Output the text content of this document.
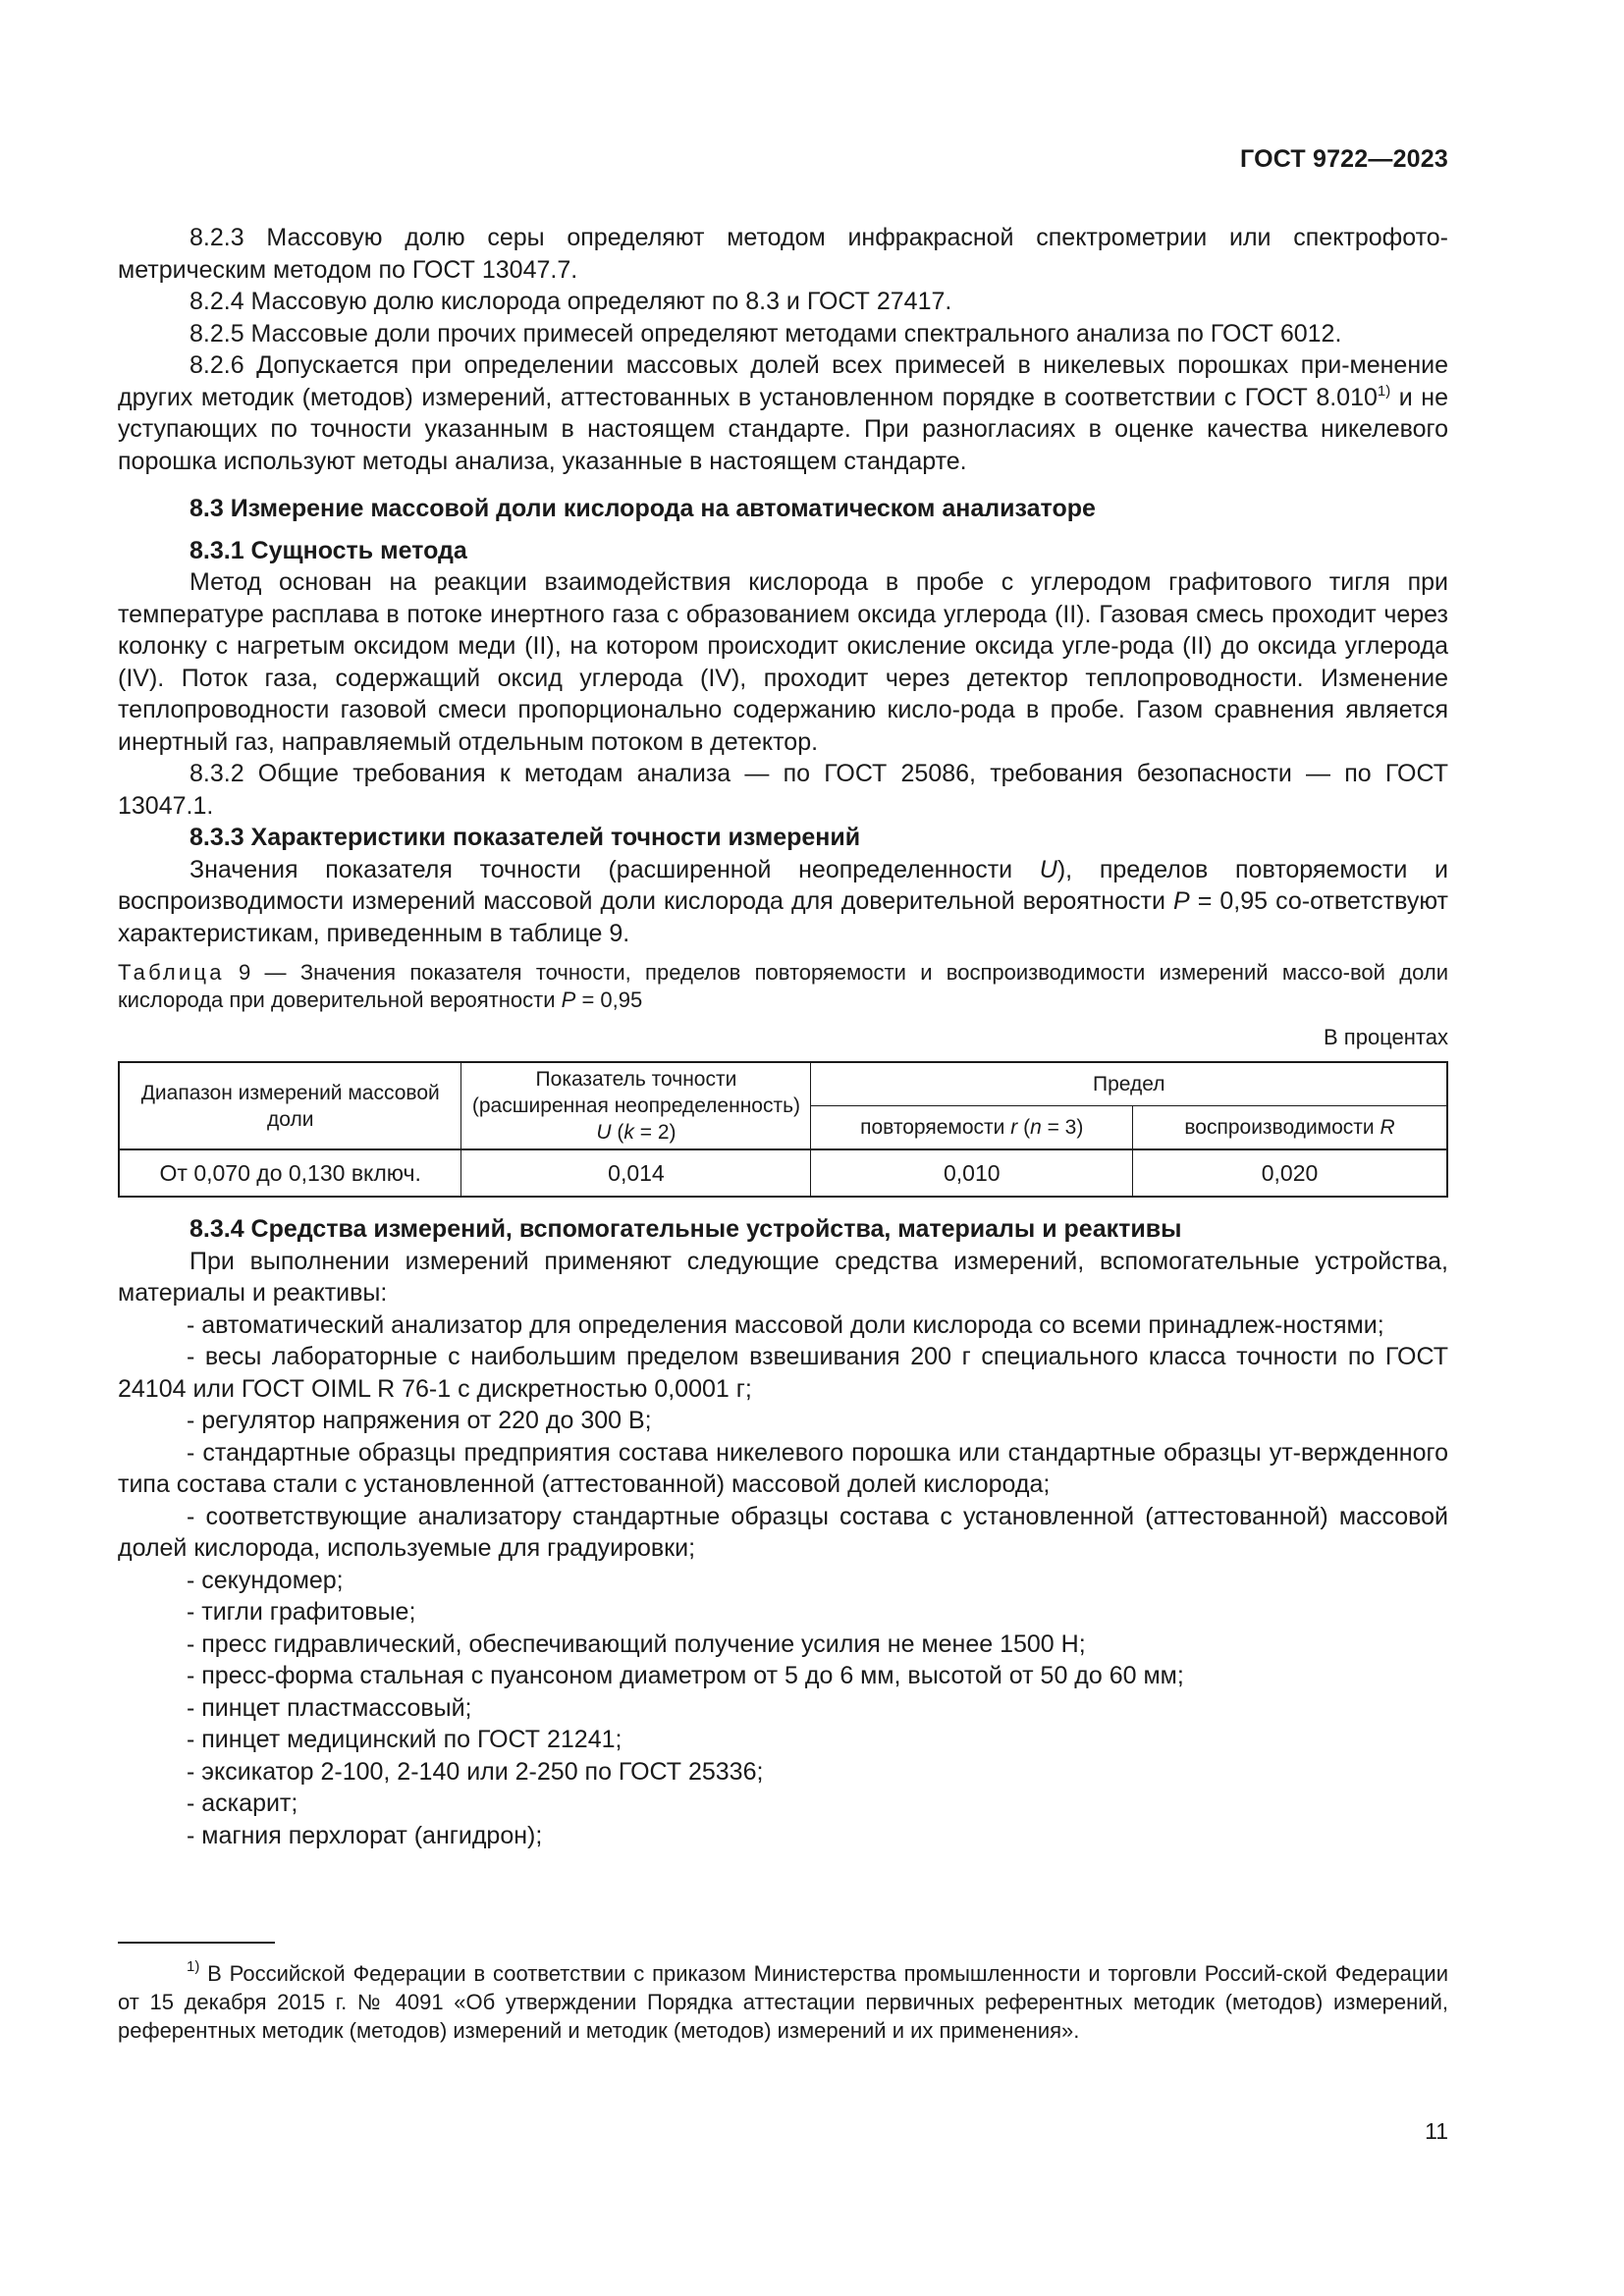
ГОСТ 9722—2023

8.2.3 Массовую долю серы определяют методом инфракрасной спектрометрии или спектрофото-метрическим методом по ГОСТ 13047.7.

8.2.4 Массовую долю кислорода определяют по 8.3 и ГОСТ 27417.

8.2.5 Массовые доли прочих примесей определяют методами спектрального анализа по ГОСТ 6012.

8.2.6 Допускается при определении массовых долей всех примесей в никелевых порошках при-менение других методик (методов) измерений, аттестованных в установленном порядке в соответствии с ГОСТ 8.010$^{1)}$ и не уступающих по точности указанным в настоящем стандарте. При разногласиях в оценке качества никелевого порошка используют методы анализа, указанные в настоящем стандарте.

8.3 Измерение массовой доли кислорода на автоматическом анализаторе
8.3.1 Сущность метода

Метод основан на реакции взаимодействия кислорода в пробе с углеродом графитового тигля при температуре расплава в потоке инертного газа с образованием оксида углерода (II). Газовая смесь проходит через колонку с нагретым оксидом меди (II), на котором происходит окисление оксида угле-рода (II) до оксида углерода (IV). Поток газа, содержащий оксид углерода (IV), проходит через детектор теплопроводности. Изменение теплопроводности газовой смеси пропорционально содержанию кисло-рода в пробе. Газом сравнения является инертный газ, направляемый отдельным потоком в детектор.

8.3.2 Общие требования к методам анализа — по ГОСТ 25086, требования безопасности — по ГОСТ 13047.1.

8.3.3 Характеристики показателей точности измерений

Значения показателя точности (расширенной неопределенности U), пределов повторяемости и воспроизводимости измерений массовой доли кислорода для доверительной вероятности P = 0,95 со-ответствуют характеристикам, приведенным в таблице 9.

Таблица 9 — Значения показателя точности, пределов повторяемости и воспроизводимости измерений массо-вой доли кислорода при доверительной вероятности P = 0,95
В процентах
Диапазон измерений массовой доли	Показатель точности (расширенная неопределенность) U (k = 2)	Предел	
		повторяемости r (n = 3)	воспроизводимости R
От 0,070 до 0,130 включ.	0,014	0,010	0,020
8.3.4 Средства измерений, вспомогательные устройства, материалы и реактивы

При выполнении измерений применяют следующие средства измерений, вспомогательные устройства, материалы и реактивы:

- автоматический анализатор для определения массовой доли кислорода со всеми принадлеж-ностями;

- весы лабораторные с наибольшим пределом взвешивания 200 г специального класса точности по ГОСТ 24104 или ГОСТ OIML R 76-1 с дискретностью 0,0001 г;

- регулятор напряжения от 220 до 300 В;

- стандартные образцы предприятия состава никелевого порошка или стандартные образцы ут-вержденного типа состава стали с установленной (аттестованной) массовой долей кислорода;

- соответствующие анализатору стандартные образцы состава с установленной (аттестованной) массовой долей кислорода, используемые для градуировки;

- секундомер;

- тигли графитовые;

- пресс гидравлический, обеспечивающий получение усилия не менее 1500 Н;

- пресс-форма стальная с пуансоном диаметром от 5 до 6 мм, высотой от 50 до 60 мм;

- пинцет пластмассовый;

- пинцет медицинский по ГОСТ 21241;

- эксикатор 2-100, 2-140 или 2-250 по ГОСТ 25336;

- аскарит;

- магния перхлорат (ангидрон);

$^{1)}$ В Российской Федерации в соответствии с приказом Министерства промышленности и торговли Россий-ской Федерации от 15 декабря 2015 г. № 4091 «Об утверждении Порядка аттестации первичных референтных методик (методов) измерений, референтных методик (методов) измерений и методик (методов) измерений и их применения».

11
